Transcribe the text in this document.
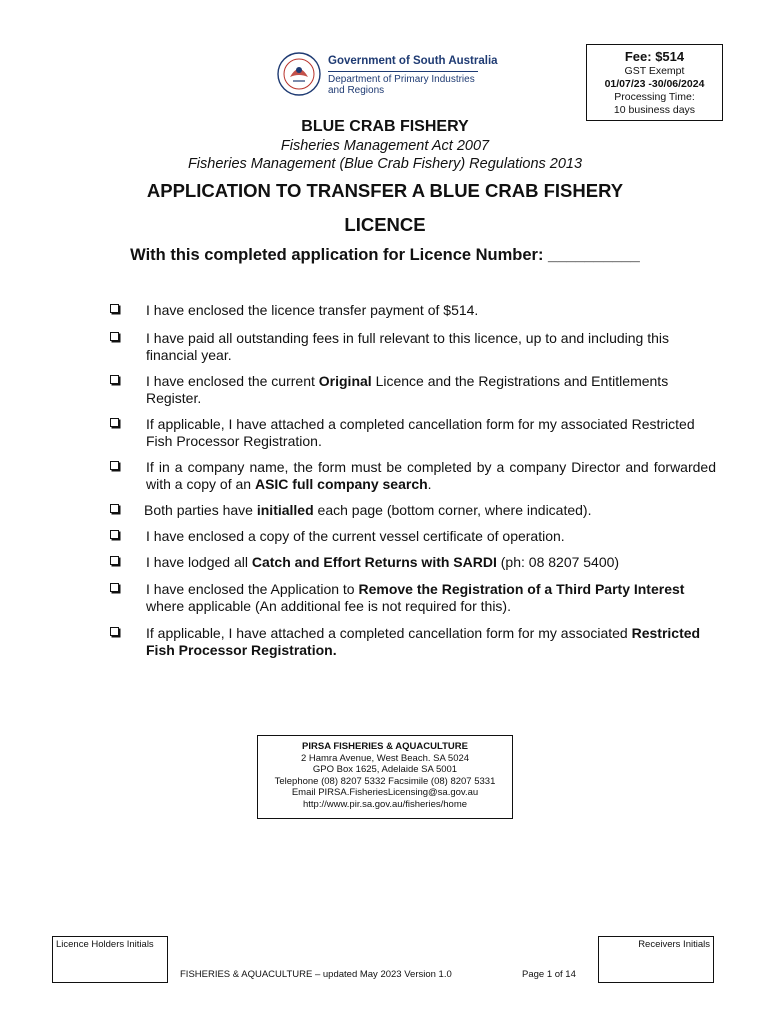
Government of South Australia
Department of Primary Industries
and Regions
Fee: $514
GST Exempt
01/07/23 -30/06/2024
Processing Time:
10 business days
BLUE CRAB FISHERY
Fisheries Management Act 2007
Fisheries Management (Blue Crab Fishery) Regulations 2013
APPLICATION TO TRANSFER A BLUE CRAB FISHERY
LICENCE
With this completed application for Licence Number: __________
I have enclosed the licence transfer payment of $514.
I have paid all outstanding fees in full relevant to this licence, up to and including this financial year.
I have enclosed the current Original Licence and the Registrations and Entitlements Register.
If applicable, I have attached a completed cancellation form for my associated Restricted Fish Processor Registration.
If in a company name, the form must be completed by a company Director and forwarded with a copy of an ASIC full company search.
Both parties have initialled each page (bottom corner, where indicated).
I have enclosed a copy of the current vessel certificate of operation.
I have lodged all Catch and Effort Returns with SARDI (ph: 08 8207 5400)
I have enclosed the Application to Remove the Registration of a Third Party Interest where applicable (An additional fee is not required for this).
If applicable, I have attached a completed cancellation form for my associated Restricted Fish Processor Registration.
PIRSA FISHERIES & AQUACULTURE
2 Hamra Avenue, West Beach. SA 5024
GPO Box 1625, Adelaide SA 5001
Telephone (08) 8207 5332 Facsimile (08) 8207 5331
Email PIRSA.FisheriesLicensing@sa.gov.au
http://www.pir.sa.gov.au/fisheries/home
Licence Holders Initials	Receivers Initials
FISHERIES & AQUACULTURE – updated May 2023 Version 1.0	Page 1 of 14
